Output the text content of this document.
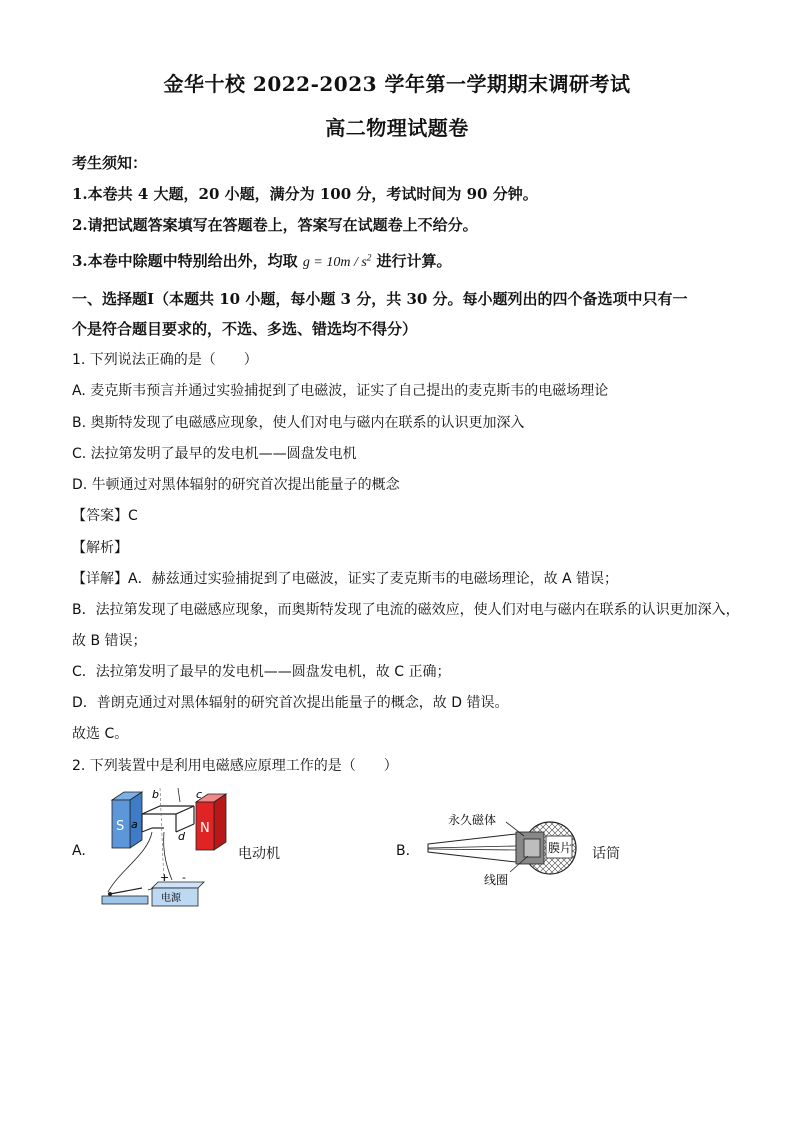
金华十校 2022-2023 学年第一学期期末调研考试
高二物理试题卷
考生须知：
1.本卷共 4 大题，20 小题，满分为 100 分，考试时间为 90 分钟。
2.请把试题答案填写在答题卷上，答案写在试题卷上不给分。
3.本卷中除题中特别给出外，均取 $g = 10m / s^2$ 进行计算。
一、选择题Ⅰ（本题共 10 小题，每小题 3 分，共 30 分。每小题列出的四个备选项中只有一
个是符合题目要求的，不选、多选、错选均不得分）
1. 下列说法正确的是（　　）
A. 麦克斯韦预言并通过实验捕捉到了电磁波，证实了自己提出的麦克斯韦的电磁场理论
B. 奥斯特发现了电磁感应现象，使人们对电与磁内在联系的认识更加深入
C. 法拉第发明了最早的发电机——圆盘发电机
D. 牛顿通过对黑体辐射的研究首次提出能量子的概念
【答案】C
【解析】
【详解】A．赫兹通过实验捕捉到了电磁波，证实了麦克斯韦的电磁场理论，故 A 错误；
B．法拉第发现了电磁感应现象，而奥斯特发现了电流的磁效应，使人们对电与磁内在联系的认识更加深入，
故 B 错误；
C．法拉第发明了最早的发电机——圆盘发电机，故 C 正确；
D．普朗克通过对黑体辐射的研究首次提出能量子的概念，故 D 错误。
故选 C。
2. 下列装置中是利用电磁感应原理工作的是（　　）
A.
S	N
b	c
a
d
+ -
电源
电动机	B.	膜片
永久磁体
线圈
话筒
